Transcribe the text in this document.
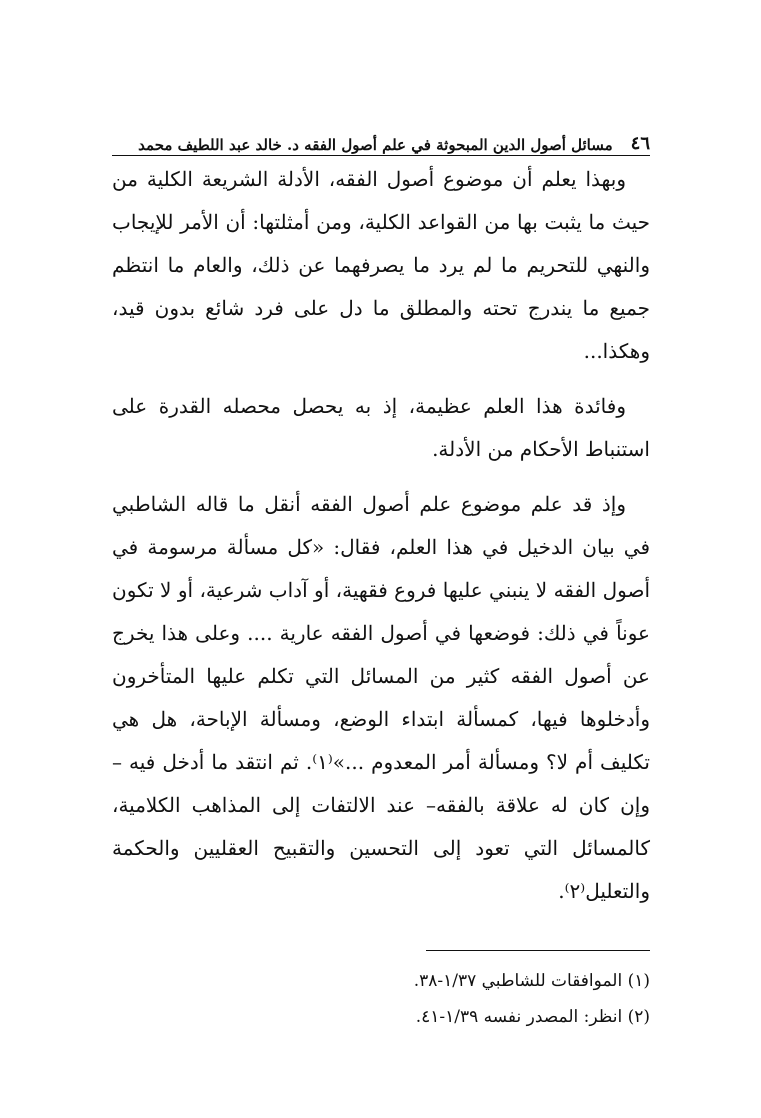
٤٦
مسائل أصول الدين المبحوثة في علم أصول الفقه د. خالد عبد اللطيف محمد

وبهذا يعلم أن موضوع أصول الفقه، الأدلة الشريعة الكلية من حيث ما يثبت بها من القواعد الكلية، ومن أمثلتها: أن الأمر للإيجاب والنهي للتحريم ما لم يرد ما يصرفهما عن ذلك، والعام ما انتظم جميع ما يندرج تحته والمطلق ما دل على فرد شائع بدون قيد، وهكذا...

وفائدة هذا العلم عظيمة، إذ به يحصل محصله القدرة على استنباط الأحكام من الأدلة.

وإذ قد علم موضوع علم أصول الفقه أنقل ما قاله الشاطبي في بيان الدخيل في هذا العلم، فقال: «كل مسألة مرسومة في أصول الفقه لا ينبني عليها فروع فقهية، أو آداب شرعية، أو لا تكون عوناً في ذلك: فوضعها في أصول الفقه عارية .... وعلى هذا يخرج عن أصول الفقه كثير من المسائل التي تكلم عليها المتأخرون وأدخلوها فيها، كمسألة ابتداء الوضع، ومسألة الإباحة، هل هي تكليف أم لا؟ ومسألة أمر المعدوم ...»⁽١⁾. ثم انتقد ما أدخل فيه –وإن كان له علاقة بالفقه– عند الالتفات إلى المذاهب الكلامية، كالمسائل التي تعود إلى التحسين والتقبيح العقليين والحكمة والتعليل⁽٢⁾.

(١) الموافقات للشاطبي ١/٣٧-٣٨.

(٢) انظر: المصدر نفسه ١/٣٩-٤١.
